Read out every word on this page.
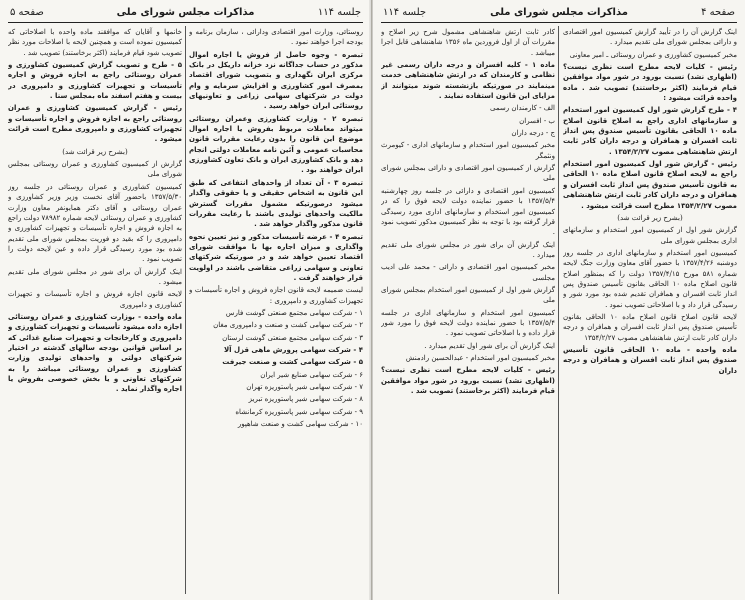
جلسه ۱۱۴
مذاکرات مجلس شورای ملی
صفحه ۵

روستائی، وزارت امور اقتصادی ودارائی ، سازمان برنامه و بودجه اجرا خواهند نمود .

تبصره - وجوه حاصل از فروش یا اجاره اموال مذکور در حساب جداگانه نزد خزانه داریکل در بانک مرکزی ایران نگهداری و بتصویب شورای اقتصاد بمصرف امور کشاورزی و افزایش سرمایه و وام دولت در شرکتهای سهامی زراعی و تعاونیهای روستائی ایران خواهد رسید .

تبصره ۲ - وزارت کشاورزی وعمران روستائی میتواند معاملات مربوط بفروش یا اجاره اموال موضوع این قانون را بدون رعایت مقررات قانون محاسبات عمومی و آئین نامه معاملات دولتی انجام دهد و بانک کشاورزی ایران و بانک تعاون کشاورزی ایران خواهند بود .

تبصره ۳ - آن تعداد از واحدهای انتفاعی که طبق این قانون به اشخاص حقیقی و یا حقوقی واگذار میشود درصورتیکه مشمول مقررات گسترش مالکیت واحدهای تولیدی باشند با رعایت مقررات قانون مذکور واگذار خواهد شد .

تبصره ۴ - عرضه تأسیسات مذکور و نیز تعیین نحوه واگذاری و میزان اجاره بها با موافقت شورای اقتصاد تعیین خواهد شد و در صورتیکه شرکتهای تعاونی و سهامی زراعی متقاضی باشند در اولویت قرار خواهند گرفت .

لیست ضمیمه لایحه قانون اجازه فروش و اجاره تأسیسات و تجهیزات کشاورزی و دامپروری :

۱ - شرکت سهامی مجتمع صنعتی گوشت فارس

۲ - شرکت سهامی کشت و صنعت و دامپروری مغان

۳ - شرکت سهامی مجتمع صنعتی گوشت لرستان

۴ - شرکت سهامی پرورش ماهی قزل آلا

۵ - شرکت سهامی کشت و صنعت جیرفت

۶ - شرکت سهامی صنایع شیر ایران

۷ - شرکت سهامی شیر پاستوریزه تهران

۸ - شرکت سهامی شیر پاستوریزه تبریز

۹ - شرکت سهامی شیر پاستوریزه کرمانشاه

۱۰ - شرکت سهامی کشت و صنعت شاهپور

خانمها و آقایان که موافقند ماده واحده با اصلاحاتی که کمیسیون نموده است و همچنین لایحه با اصلاحات مورد نظر تصویب شود قیام فرمایند (اکثر برخاستند) تصویب شد .

۵ - طرح و تصویب گزارش کمیسیون کشاورزی و عمران روستائی راجع به اجازه فروش و اجاره تأسیسات و تجهیزات کشاورزی و دامپروری در بیست و هفتم اسفند ماه بمجلس سنا .

رئیس - گزارش کمیسیون کشاورزی و عمران روستائی راجع به اجازه فروش و اجاره تأسیسات و تجهیزات کشاورزی و دامپروری مطرح است قرائت میشود .

(بشرح زیر قرائت شد)

گزارش از کمیسیون کشاورزی و عمران روستائی بمجلس شورای ملی

کمیسیون کشاورزی و عمران روستائی در جلسه روز ۱۳۵۷/۵/۳۰ باحضور آقای نخست وزیر وزیر کشاورزی و عمران روستائی و آقای دکتر همایونفر معاون وزارت کشاورزی و عمران روستائی لایحه شماره ۷۸۹۸۲ دولت راجع به اجازه فروش و اجاره تأسیسات و تجهیزات کشاورزی و دامپروری را که بقید دو فوریت بمجلس شورای ملی تقدیم شده بود مورد رسیدگی قرار داده و عین لایحه دولت را تصویب نمود .

اینک گزارش آن برای شور در مجلس شورای ملی تقدیم میشود .

لایحه قانون اجازه فروش و اجاره تأسیسات و تجهیزات کشاورزی و دامپروری

ماده واحده - بوزارت کشاورزی و عمران روستائی اجازه داده میشود تأسیسات و تجهیزات کشاورزی و دامپروری و کارخانجات و تجهیزات صنایع غذائی که بر اساس قوانین بودجه سالهای گذشته در اختیار شرکتهای دولتی و واحدهای تولیدی وزارت کشاورزی و عمران روستائی میباشد را به شرکتهای تعاونی و یا بخش خصوصی بفروش یا اجاره واگذار نماید .

جلسه ۱۱۴	مذاکرات مجلس شورای ملی	صفحه ۴

اینک گزارش آن را در تأیید گزارش کمیسیون امور اقتصادی و دارائی بمجلس شورای ملی تقدیم میدارد .

مخبر کمیسیون کشاورزی و عمران روستائی ـ امیر معاونی

رئیس - کلیات لایحه مطرح است نظری نیست؟ (اظهاری نشد) نسبت بورود در شور مواد موافقین قیام فرمایند (اکثر برخاستند) تصویب شد . ماده واحده قرائت میشود :

۴ - طرح گزارش شور اول کمیسیون امور استخدام و سازمانهای اداری راجع به اصلاح قانون اصلاح ماده ۱۰ الحاقی بقانون تأسیس صندوق پس انداز ثابت افسران و همافران و درجه داران کادر ثابت ارتش شاهنشاهی مصوب ۱۳۵۴/۲/۲۷ .

رئیس - گزارش شور اول کمیسیون امور استخدام راجع به لایحه اصلاح قانون اصلاح ماده ۱۰ الحاقی به قانون تأسیس صندوق پس انداز ثابت افسران و همافران و درجه داران کادر ثابت ارتش شاهنشاهی مصوب ۱۳۵۴/۲/۲۷ مطرح است قرائت میشود .

(بشرح زیر قرائت شد)

گزارش شور اول از کمیسیون امور استخدام و سازمانهای اداری بمجلس شورای ملی

کمیسیون امور استخدام و سازمانهای اداری در جلسه روز دوشنبه ۱۳۵۷/۴/۲۶ با حضور آقای معاون وزارت جنگ لایحه شماره ۵۸۱ مورخ ۱۳۵۷/۴/۱۵ دولت را که بمنظور اصلاح قانون اصلاح ماده ۱۰ الحاقی بقانون تأسیس صندوق پس انداز ثابت افسران و همافران تقدیم شده بود مورد شور و رسیدگی قرار داد و با اصلاحاتی تصویب نمود .

لایحه قانون اصلاح قانون اصلاح ماده ۱۰ الحاقی بقانون تأسیس صندوق پس انداز ثابت افسران و همافران و درجه داران کادر ثابت ارتش شاهنشاهی مصوب ۱۳۵۴/۲/۲۷

ماده واحده - ماده ۱۰ الحاقی قانون تأسیس صندوق پس انداز ثابت افسران و همافران و درجه داران

کادر ثابت ارتش شاهنشاهی مشمول شرح زیر اصلاح و مقررات آن از اول فروردین ماه ۱۳۵۶ شاهنشاهی قابل اجرا میباشد .

ماده ۱ - کلیه افسران و درجه داران رسمی غیر نظامی و کارمندان که در ارتش شاهنشاهی خدمت مینمایند در صورتیکه بازنشسته شوند میتوانند از مزایای این قانون استفاده نمایند .

الف - کارمندان رسمی

ب - افسران

ج - درجه داران

مخبر کمیسیون امور استخدام و سازمانهای اداری - کیومرث ونثمگر

گزارش از کمیسیون امور اقتصادی و دارائی بمجلس شورای ملی

کمیسیون امور اقتصادی و دارائی در جلسه روز چهارشنبه ۱۳۵۷/۵/۴ با حضور نماینده دولت لایحه فوق را که در کمیسیون امور استخدام و سازمانهای اداری مورد رسیدگی قرار گرفته بود با توجه به نظر کمیسیون مذکور تصویب نمود .

اینک گزارش آن برای شور در مجلس شورای ملی تقدیم میدارد .

مخبر کمیسیون امور اقتصادی و دارائی - محمد علی ادیب مجلسی

گزارش شور اول از کمیسیون امور استخدام بمجلس شورای ملی

کمیسیون امور استخدام و سازمانهای اداری در جلسه ۱۳۵۷/۵/۴ با حضور نماینده دولت لایحه فوق را مورد شور قرار داده و با اصلاحاتی تصویب نمود .

اینک گزارش آن برای شور اول تقدیم میدارد .

مخبر کمیسیون امور استخدام - عبدالحسین رادمنش

رئیس - کلیات لایحه مطرح است نظری نیست؟ (اظهاری نشد) نسبت بورود در شور مواد موافقین قیام فرمایند (اکثر برخاستند) تصویب شد .
